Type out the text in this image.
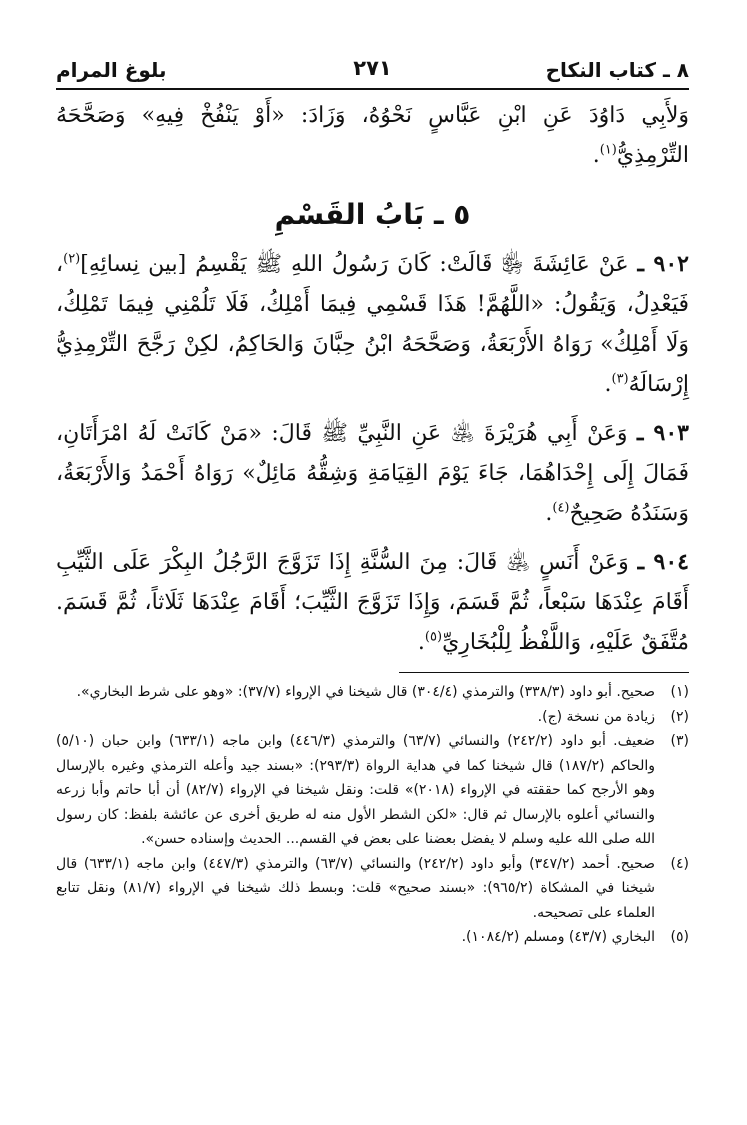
٨ ـ كتاب النكاح
٢٧١
بلوغ المرام

وَلأَبِي دَاوُدَ عَنِ ابْنِ عَبَّاسٍ نَحْوُهُ، وَزَادَ: «أَوْ يَنْفُخْ فِيهِ» وَصَحَّحَهُ التِّرْمِذِيُّ$^{(١)}$.

٥ ـ بَابُ القَسْمِ

٩٠٢ ـ عَنْ عَائِشَةَ ﵂ قَالَتْ: كَانَ رَسُولُ اللهِ ﷺ يَقْسِمُ [بين نِسائِهِ]$^{(٢)}$، فَيَعْدِلُ، وَيَقُولُ: «اللَّهُمَّ! هَذَا قَسْمِي فِيمَا أَمْلِكُ، فَلَا تَلُمْنِي فِيمَا تَمْلِكُ، وَلَا أَمْلِكُ» رَوَاهُ الأَرْبَعَةُ، وَصَحَّحَهُ ابْنُ حِبَّانَ وَالحَاكِمُ، لكِنْ رَجَّحَ التِّرْمِذِيُّ إِرْسَالَهُ$^{(٣)}$.

٩٠٣ ـ وَعَنْ أَبِي هُرَيْرَةَ ﵁ عَنِ النَّبِيِّ ﷺ قَالَ: «مَنْ كَانَتْ لَهُ امْرَأَتَانِ، فَمَالَ إِلَى إِحْدَاهُمَا، جَاءَ يَوْمَ القِيَامَةِ وَشِقُّهُ مَائِلٌ» رَوَاهُ أَحْمَدُ وَالأَرْبَعَةُ، وَسَنَدُهُ صَحِيحٌ$^{(٤)}$.

٩٠٤ ـ وَعَنْ أَنَسٍ ﵁ قَالَ: مِنَ السُّنَّةِ إِذَا تَزَوَّجَ الرَّجُلُ البِكْرَ عَلَى الثَّيِّبِ أَقَامَ عِنْدَهَا سَبْعاً، ثُمَّ قَسَمَ، وَإِذَا تَزَوَّجَ الثَّيِّبَ؛ أَقَامَ عِنْدَهَا ثَلَاثاً، ثُمَّ قَسَمَ. مُتَّفَقٌ عَلَيْهِ، وَاللَّفْظُ لِلْبُخَارِيِّ$^{(٥)}$.

(١)
صحيح. أبو داود (٣٣٨/٣) والترمذي (٣٠٤/٤) قال شيخنا في الإرواء (٣٧/٧): «وهو على شرط البخاري».
(٢)
زيادة من نسخة (ج).
(٣)
ضعيف. أبو داود (٢٤٢/٢) والنسائي (٦٣/٧) والترمذي (٤٤٦/٣) وابن ماجه (٦٣٣/١) وابن حبان (٥/١٠) والحاكم (١٨٧/٢) قال شيخنا كما في هداية الرواة (٢٩٣/٣): «بسند جيد وأعله الترمذي وغيره بالإرسال وهو الأرجح كما حققته في الإرواء (٢٠١٨)» قلت: ونقل شيخنا في الإرواء (٨٢/٧) أن أبا حاتم وأبا زرعه والنسائي أعلوه بالإرسال ثم قال: «لكن الشطر الأول منه له طريق أخرى عن عائشة بلفظ: كان رسول الله صلى الله عليه وسلم لا يفضل بعضنا على بعض في القسم... الحديث وإسناده حسن».
(٤)
صحيح. أحمد (٣٤٧/٢) وأبو داود (٢٤٢/٢) والنسائي (٦٣/٧) والترمذي (٤٤٧/٣) وابن ماجه (٦٣٣/١) قال شيخنا في المشكاة (٩٦٥/٢): «بسند صحيح» قلت: وبسط ذلك شيخنا في الإرواء (٨١/٧) ونقل تتابع العلماء على تصحيحه.
(٥)
البخاري (٤٣/٧) ومسلم (١٠٨٤/٢).
